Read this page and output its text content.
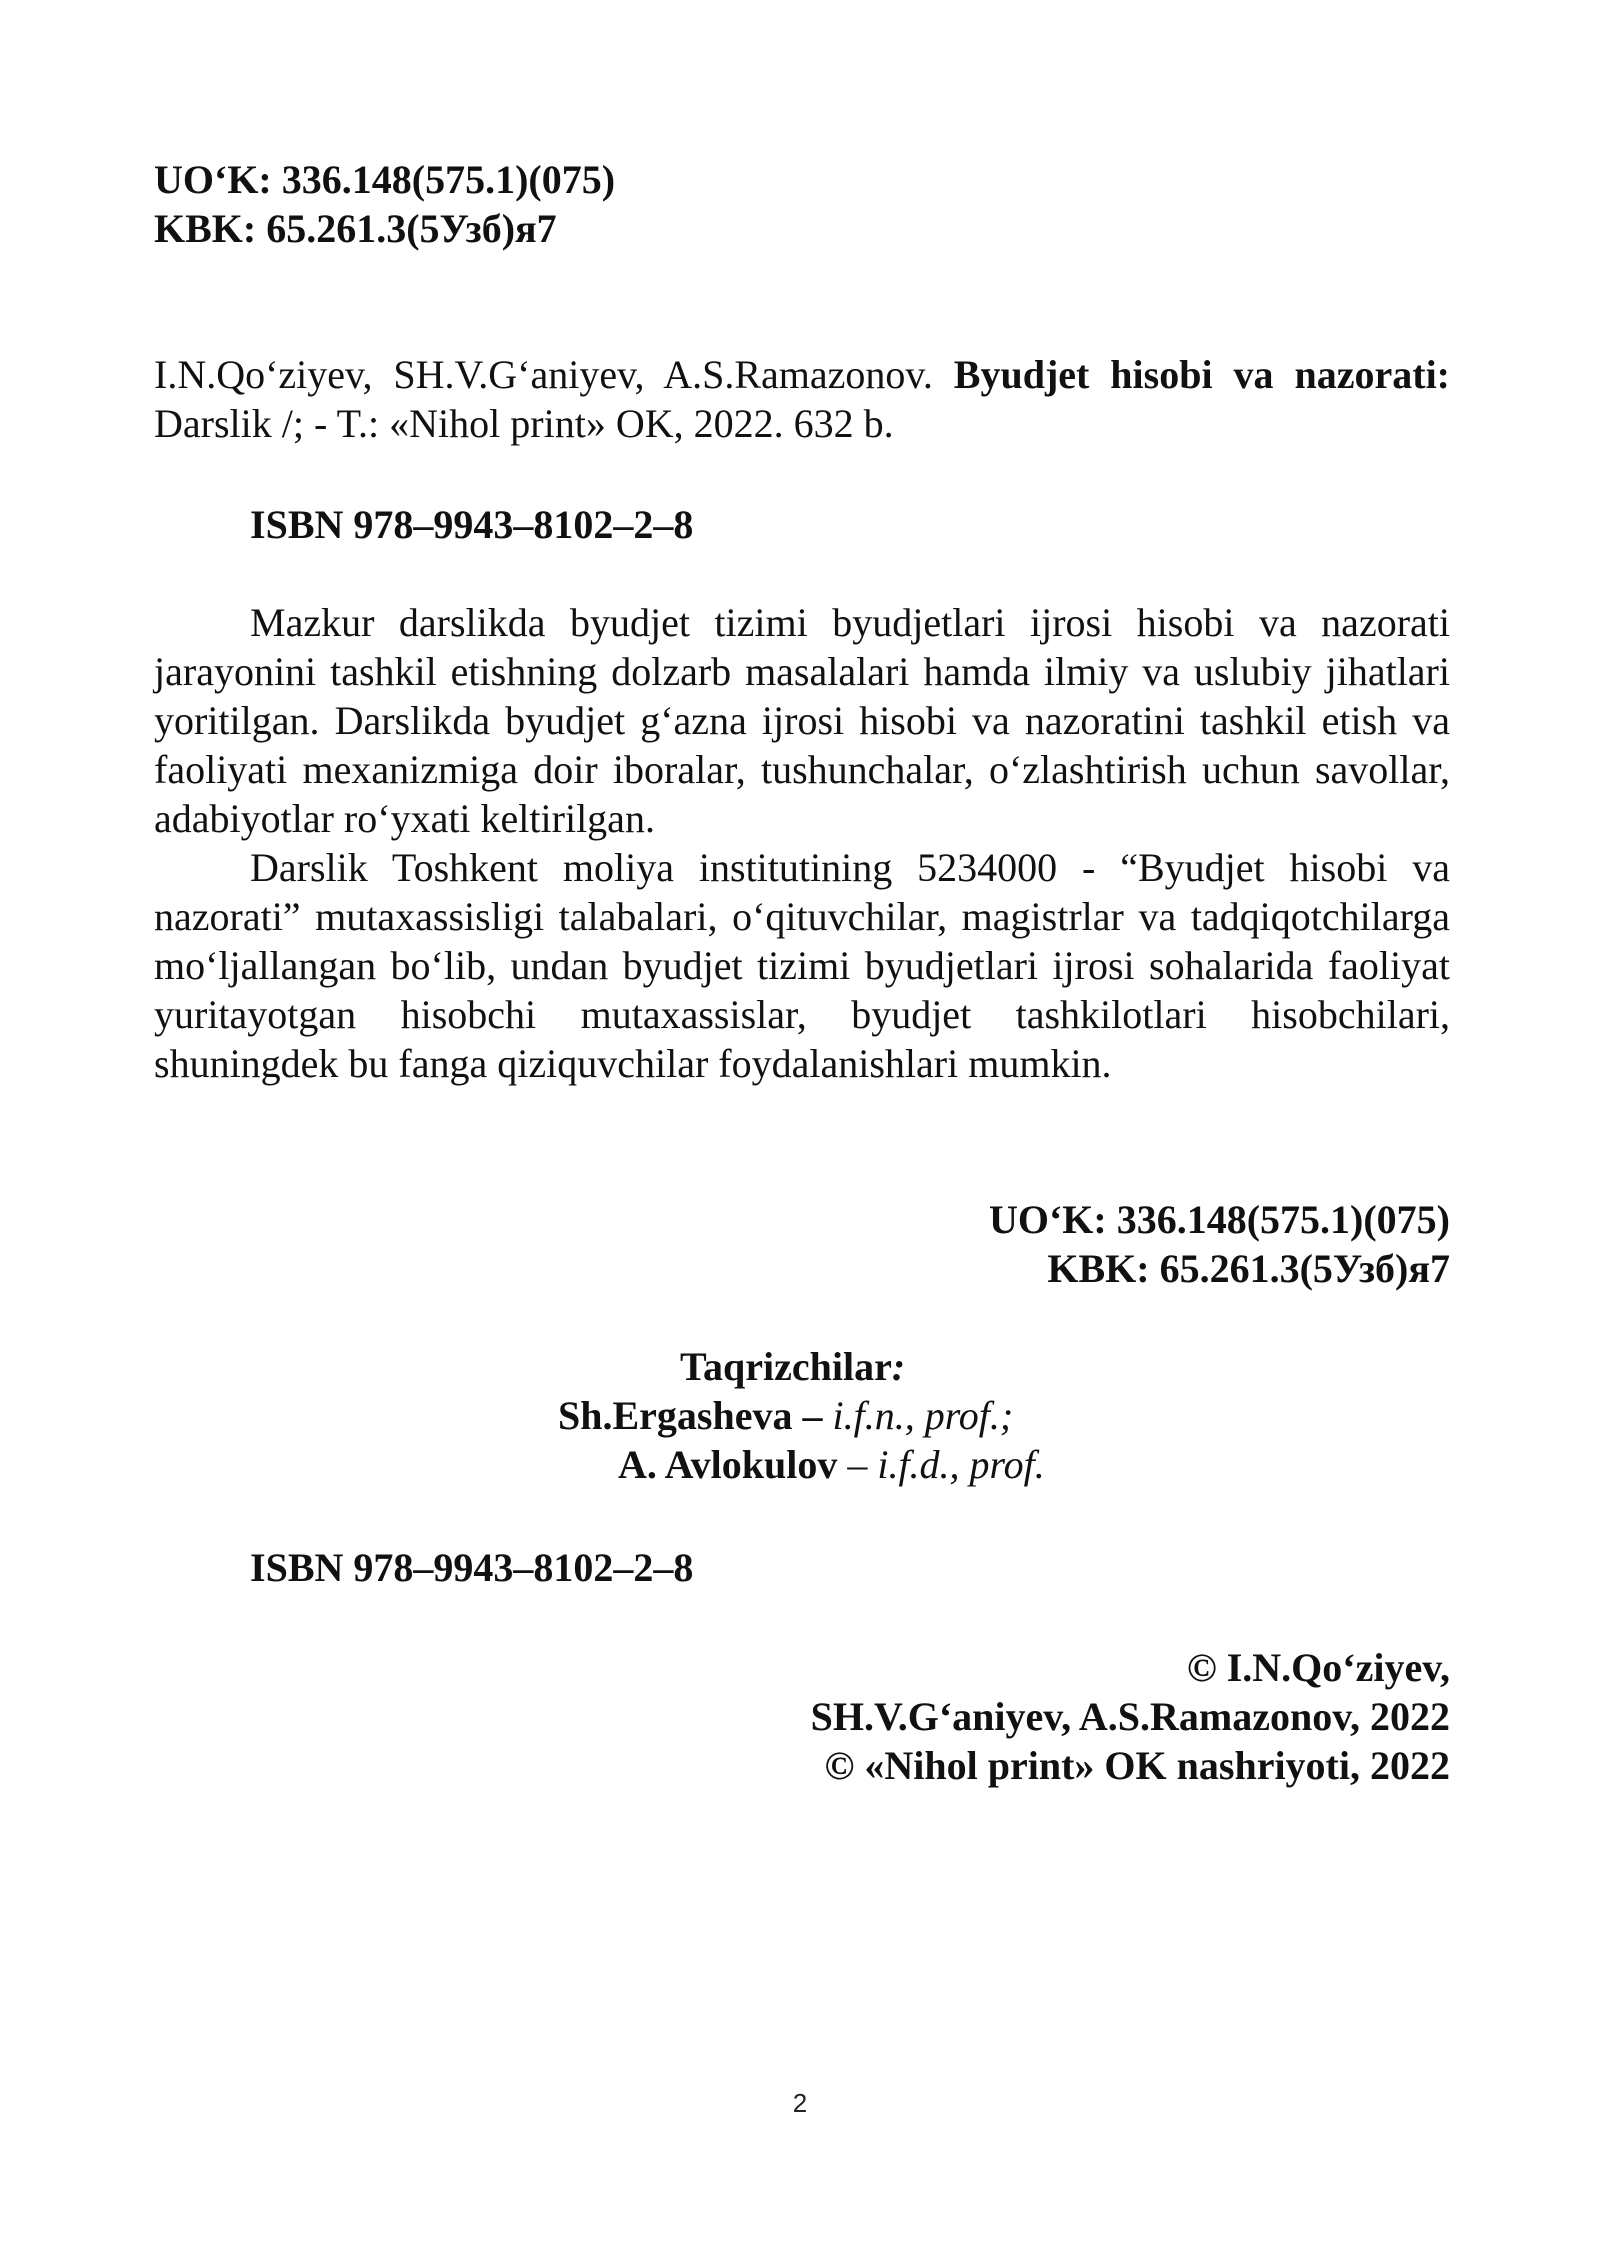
UO‘K: 336.148(575.1)(075)

KBK: 65.261.3(5Узб)я7

I.N.Qo‘ziyev, SH.V.G‘aniyev, A.S.Ramazonov. Byudjet hisobi va nazorati: Darslik /; - T.: «Nihol print» OK, 2022. 632 b.

ISBN 978–9943–8102–2–8

Mazkur darslikda byudjet tizimi byudjetlari ijrosi hisobi va nazorati jarayonini tashkil etishning dolzarb masalalari hamda ilmiy va uslubiy jihatlari yoritilgan. Darslikda byudjet g‘azna ijrosi hisobi va nazoratini tashkil etish va faoliyati mexanizmiga doir iboralar, tushunchalar, o‘zlashtirish uchun savollar, adabiyotlar ro‘yxati keltirilgan.

Darslik Toshkent moliya institutining 5234000 - “Byudjet hisobi va nazorati” mutaxassisligi talabalari, o‘qituvchilar, magistrlar va tadqiqotchilarga mo‘ljallangan bo‘lib, undan byudjet tizimi byudjetlari ijrosi sohalarida faoliyat yuritayotgan hisobchi mutaxassislar, byudjet tashkilotlari hisobchilari, shuningdek bu fanga qiziquvchilar foydalanishlari mumkin.

UO‘K: 336.148(575.1)(075)

KBK: 65.261.3(5Узб)я7

Taqrizchilar:
Sh.Ergasheva – i.f.n., prof.;
A. Avlokulov – i.f.d., prof.
ISBN 978–9943–8102–2–8

© I.N.Qo‘ziyev,

SH.V.G‘aniyev, A.S.Ramazonov, 2022

© «Nihol print» OK nashriyoti, 2022

2
